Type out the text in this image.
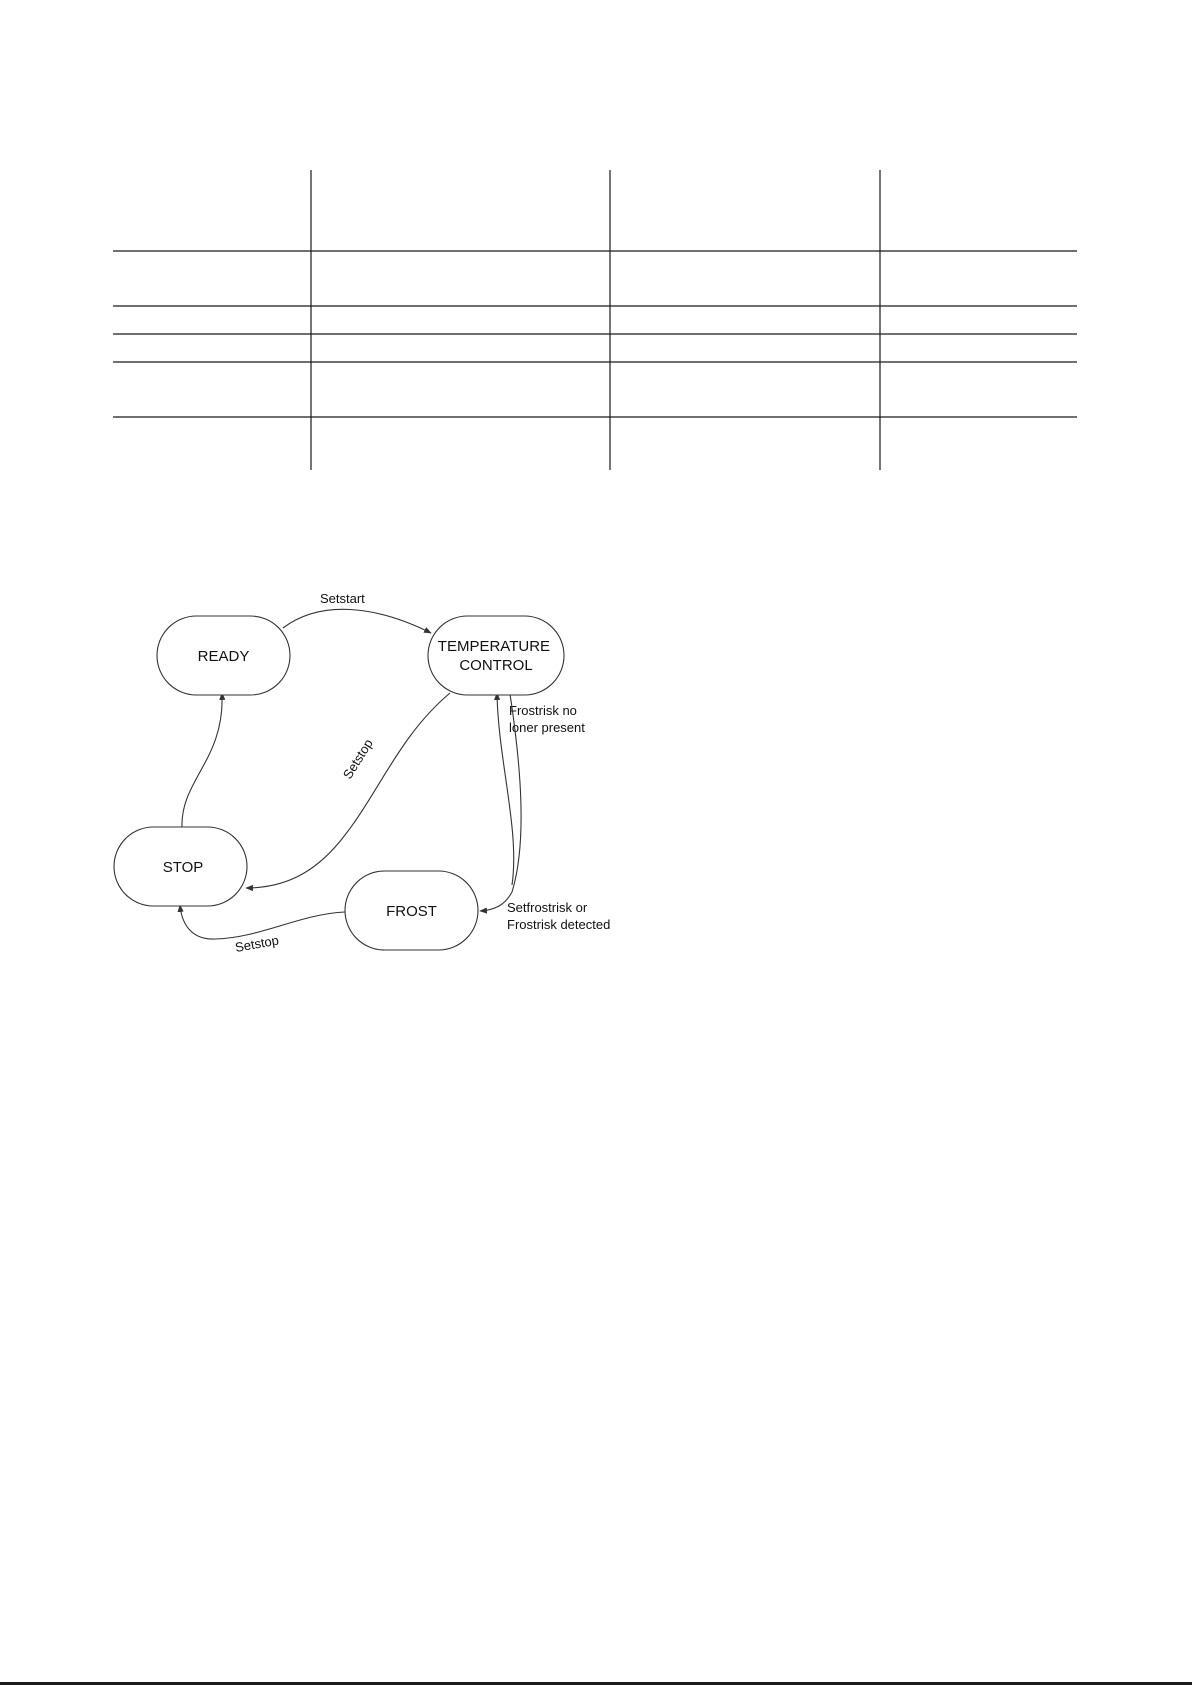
Setstart
Setstop
Frostrisk no loner present
Setfrostrisk or Frostrisk detected
Setstop
READY
TEMPERATURE CONTROL
STOP
FROST
